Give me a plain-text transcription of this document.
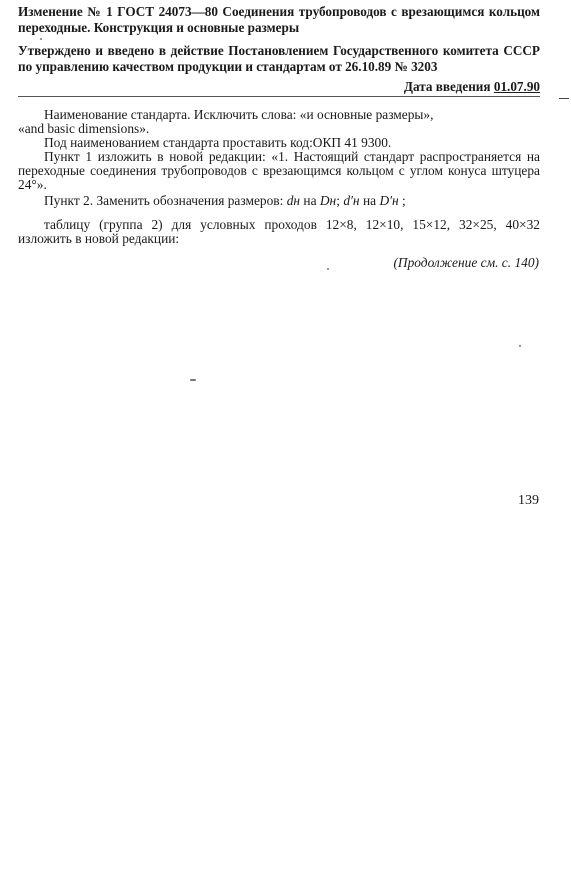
Изменение № 1 ГОСТ 24073—80 Соединения трубопроводов с врезающимся кольцом переходные. Конструкция и основные размеры
Утверждено и введено в действие Постановлением Государственного комитета СССР по управлению качеством продукции и стандартам от 26.10.89 № 3203
Дата введения 01.07.90

Наименование стандарта. Исключить слова: «и основные размеры»,

«and basic dimensions».

Под наименованием стандарта проставить код:ОКП 41 9300.

Пункт 1 изложить в новой редакции: «1. Настоящий стандарт распространяется на переходные соединения трубопроводов с врезающимся кольцом с углом конуса штуцера 24°».

Пункт 2. Заменить обозначения размеров: dн на Dн; d′н на D′н ;

таблицу (группа 2) для условных проходов 12×8, 12×10, 15×12, 32×25, 40×32 изложить в новой редакции:

(Продолжение см. с. 140)
139
